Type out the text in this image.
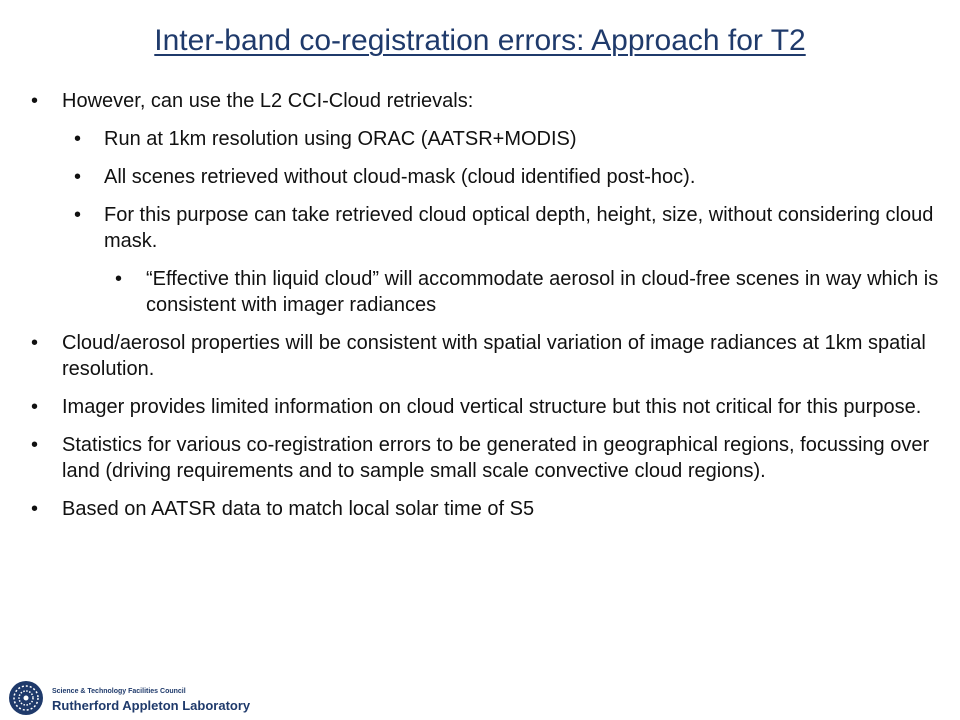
Inter-band co-registration errors: Approach for T2
• However, can use the L2 CCI-Cloud retrievals:
• Run at 1km resolution using ORAC (AATSR+MODIS)
• All scenes retrieved without cloud-mask (cloud identified post-hoc).
• For this purpose can take retrieved cloud optical depth, height, size, without considering cloud mask.
• “Effective thin liquid cloud” will accommodate aerosol in cloud-free scenes in way which is consistent with imager radiances
• Cloud/aerosol properties will be consistent with spatial variation of image radiances at 1km spatial resolution.
• Imager provides limited information on cloud vertical structure but this not critical for this purpose.
• Statistics for various co-registration errors to be generated in geographical regions, focussing over land (driving requirements and to sample small scale convective cloud regions).
• Based on AATSR data to match local solar time of S5
Science & Technology Facilities Council
Rutherford Appleton Laboratory
